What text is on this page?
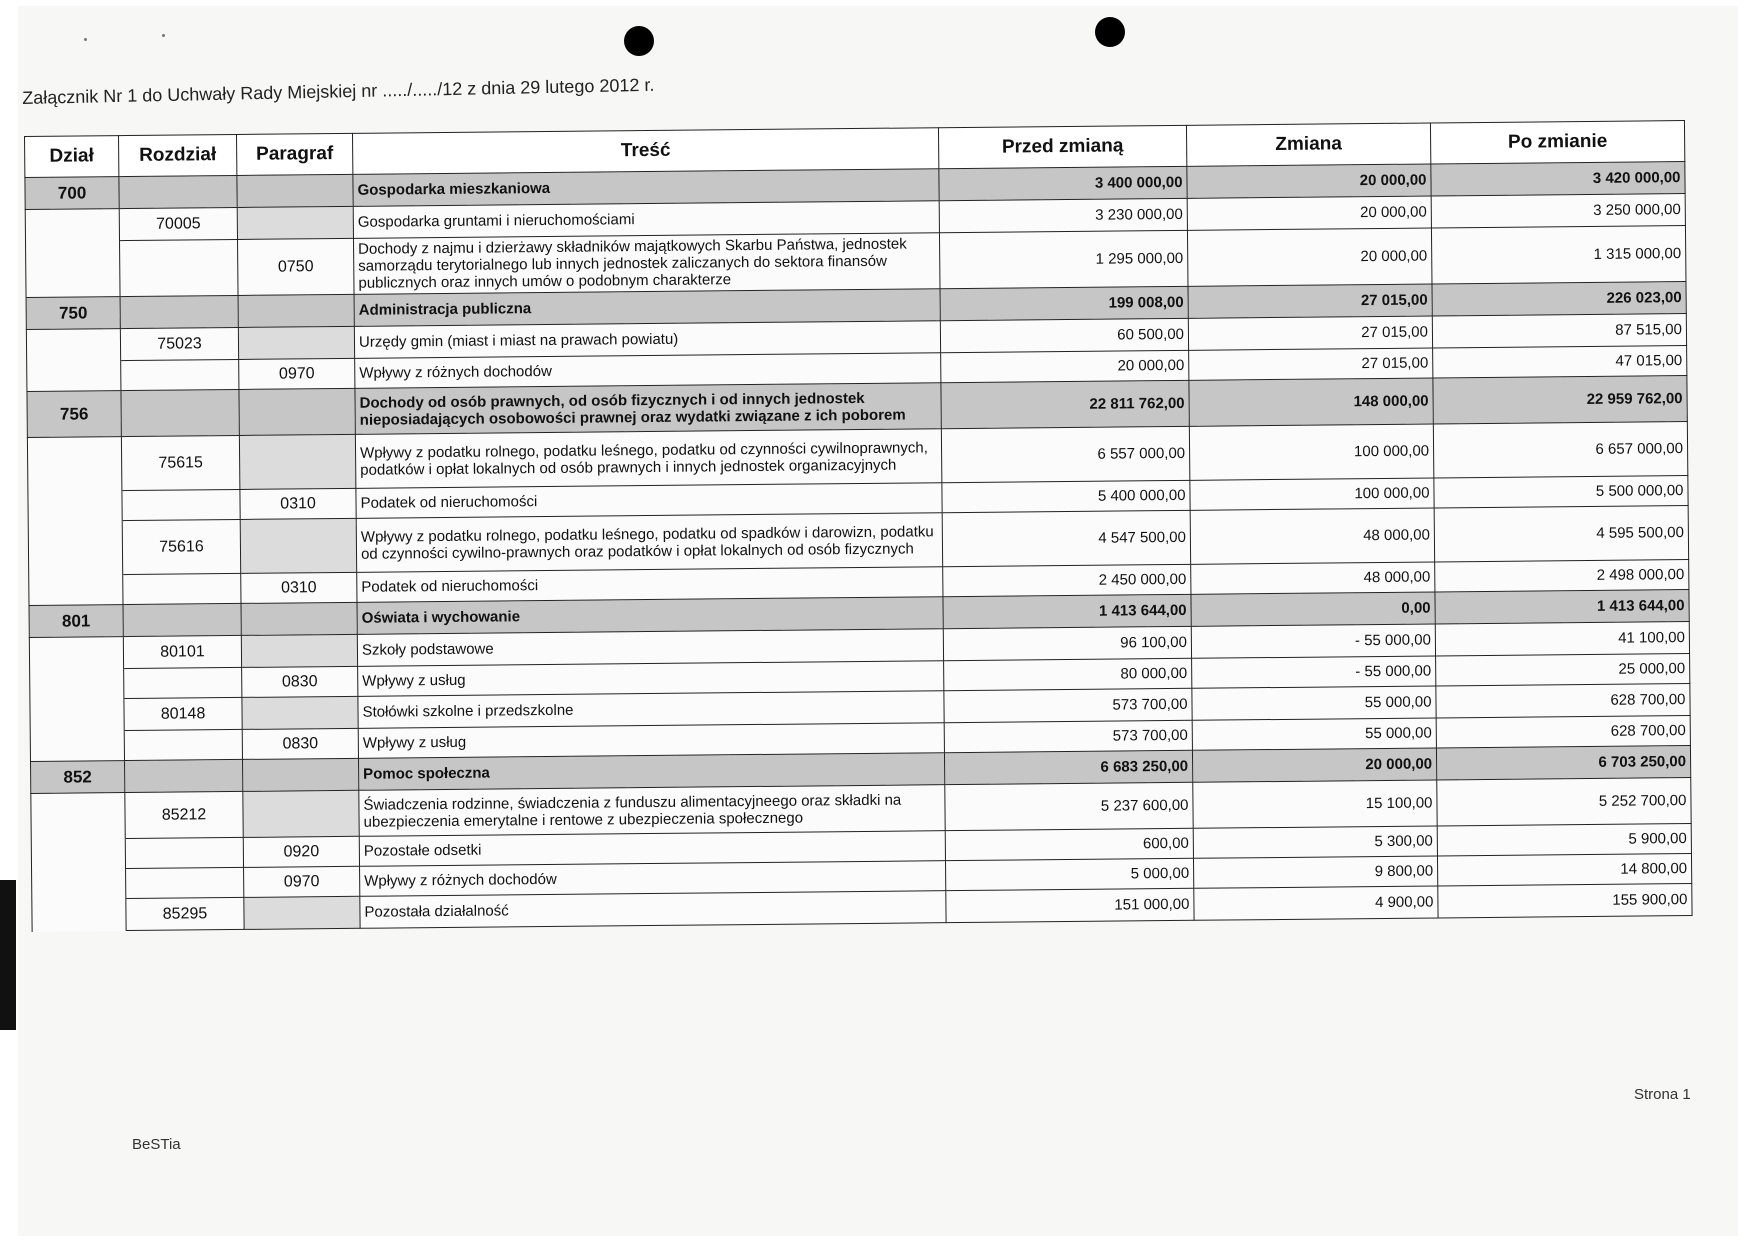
Załącznik Nr 1 do Uchwały Rady Miejskiej nr ...../...../12 z dnia 29 lutego 2012 r.
Dział	Rozdział	Paragraf	Treść	Przed zmianą	Zmiana	Po zmianie
700			Gospodarka mieszkaniowa	3 400 000,00	20 000,00	3 420 000,00
	70005		Gospodarka gruntami i nieruchomościami	3 230 000,00	20 000,00	3 250 000,00
		0750	Dochody z najmu i dzierżawy składników majątkowych Skarbu Państwa, jednostek samorządu terytorialnego lub innych jednostek zaliczanych do sektora finansów publicznych oraz innych umów o podobnym charakterze	1 295 000,00	20 000,00	1 315 000,00
750			Administracja publiczna	199 008,00	27 015,00	226 023,00
	75023		Urzędy gmin (miast i miast na prawach powiatu)	60 500,00	27 015,00	87 515,00
		0970	Wpływy z różnych dochodów	20 000,00	27 015,00	47 015,00
756			Dochody od osób prawnych, od osób fizycznych i od innych jednostek nieposiadających osobowości prawnej oraz wydatki związane z ich poborem	22 811 762,00	148 000,00	22 959 762,00
	75615		Wpływy z podatku rolnego, podatku leśnego, podatku od czynności cywilnoprawnych, podatków i opłat lokalnych od osób prawnych i innych jednostek organizacyjnych	6 557 000,00	100 000,00	6 657 000,00
		0310	Podatek od nieruchomości	5 400 000,00	100 000,00	5 500 000,00
	75616		Wpływy z podatku rolnego, podatku leśnego, podatku od spadków i darowizn, podatku od czynności cywilno-prawnych oraz podatków i opłat lokalnych od osób fizycznych	4 547 500,00	48 000,00	4 595 500,00
		0310	Podatek od nieruchomości	2 450 000,00	48 000,00	2 498 000,00
801			Oświata i wychowanie	1 413 644,00	0,00	1 413 644,00
	80101		Szkoły podstawowe	96 100,00	- 55 000,00	41 100,00
		0830	Wpływy z usług	80 000,00	- 55 000,00	25 000,00
	80148		Stołówki szkolne i przedszkolne	573 700,00	55 000,00	628 700,00
		0830	Wpływy z usług	573 700,00	55 000,00	628 700,00
852			Pomoc społeczna	6 683 250,00	20 000,00	6 703 250,00
	85212		Świadczenia rodzinne, świadczenia z funduszu alimentacyjneego oraz składki na ubezpieczenia emerytalne i rentowe z ubezpieczenia społecznego	5 237 600,00	15 100,00	5 252 700,00
		0920	Pozostałe odsetki	600,00	5 300,00	5 900,00
		0970	Wpływy z różnych dochodów	5 000,00	9 800,00	14 800,00
	85295		Pozostała działalność	151 000,00	4 900,00	155 900,00
Strona 1
BeSTia
